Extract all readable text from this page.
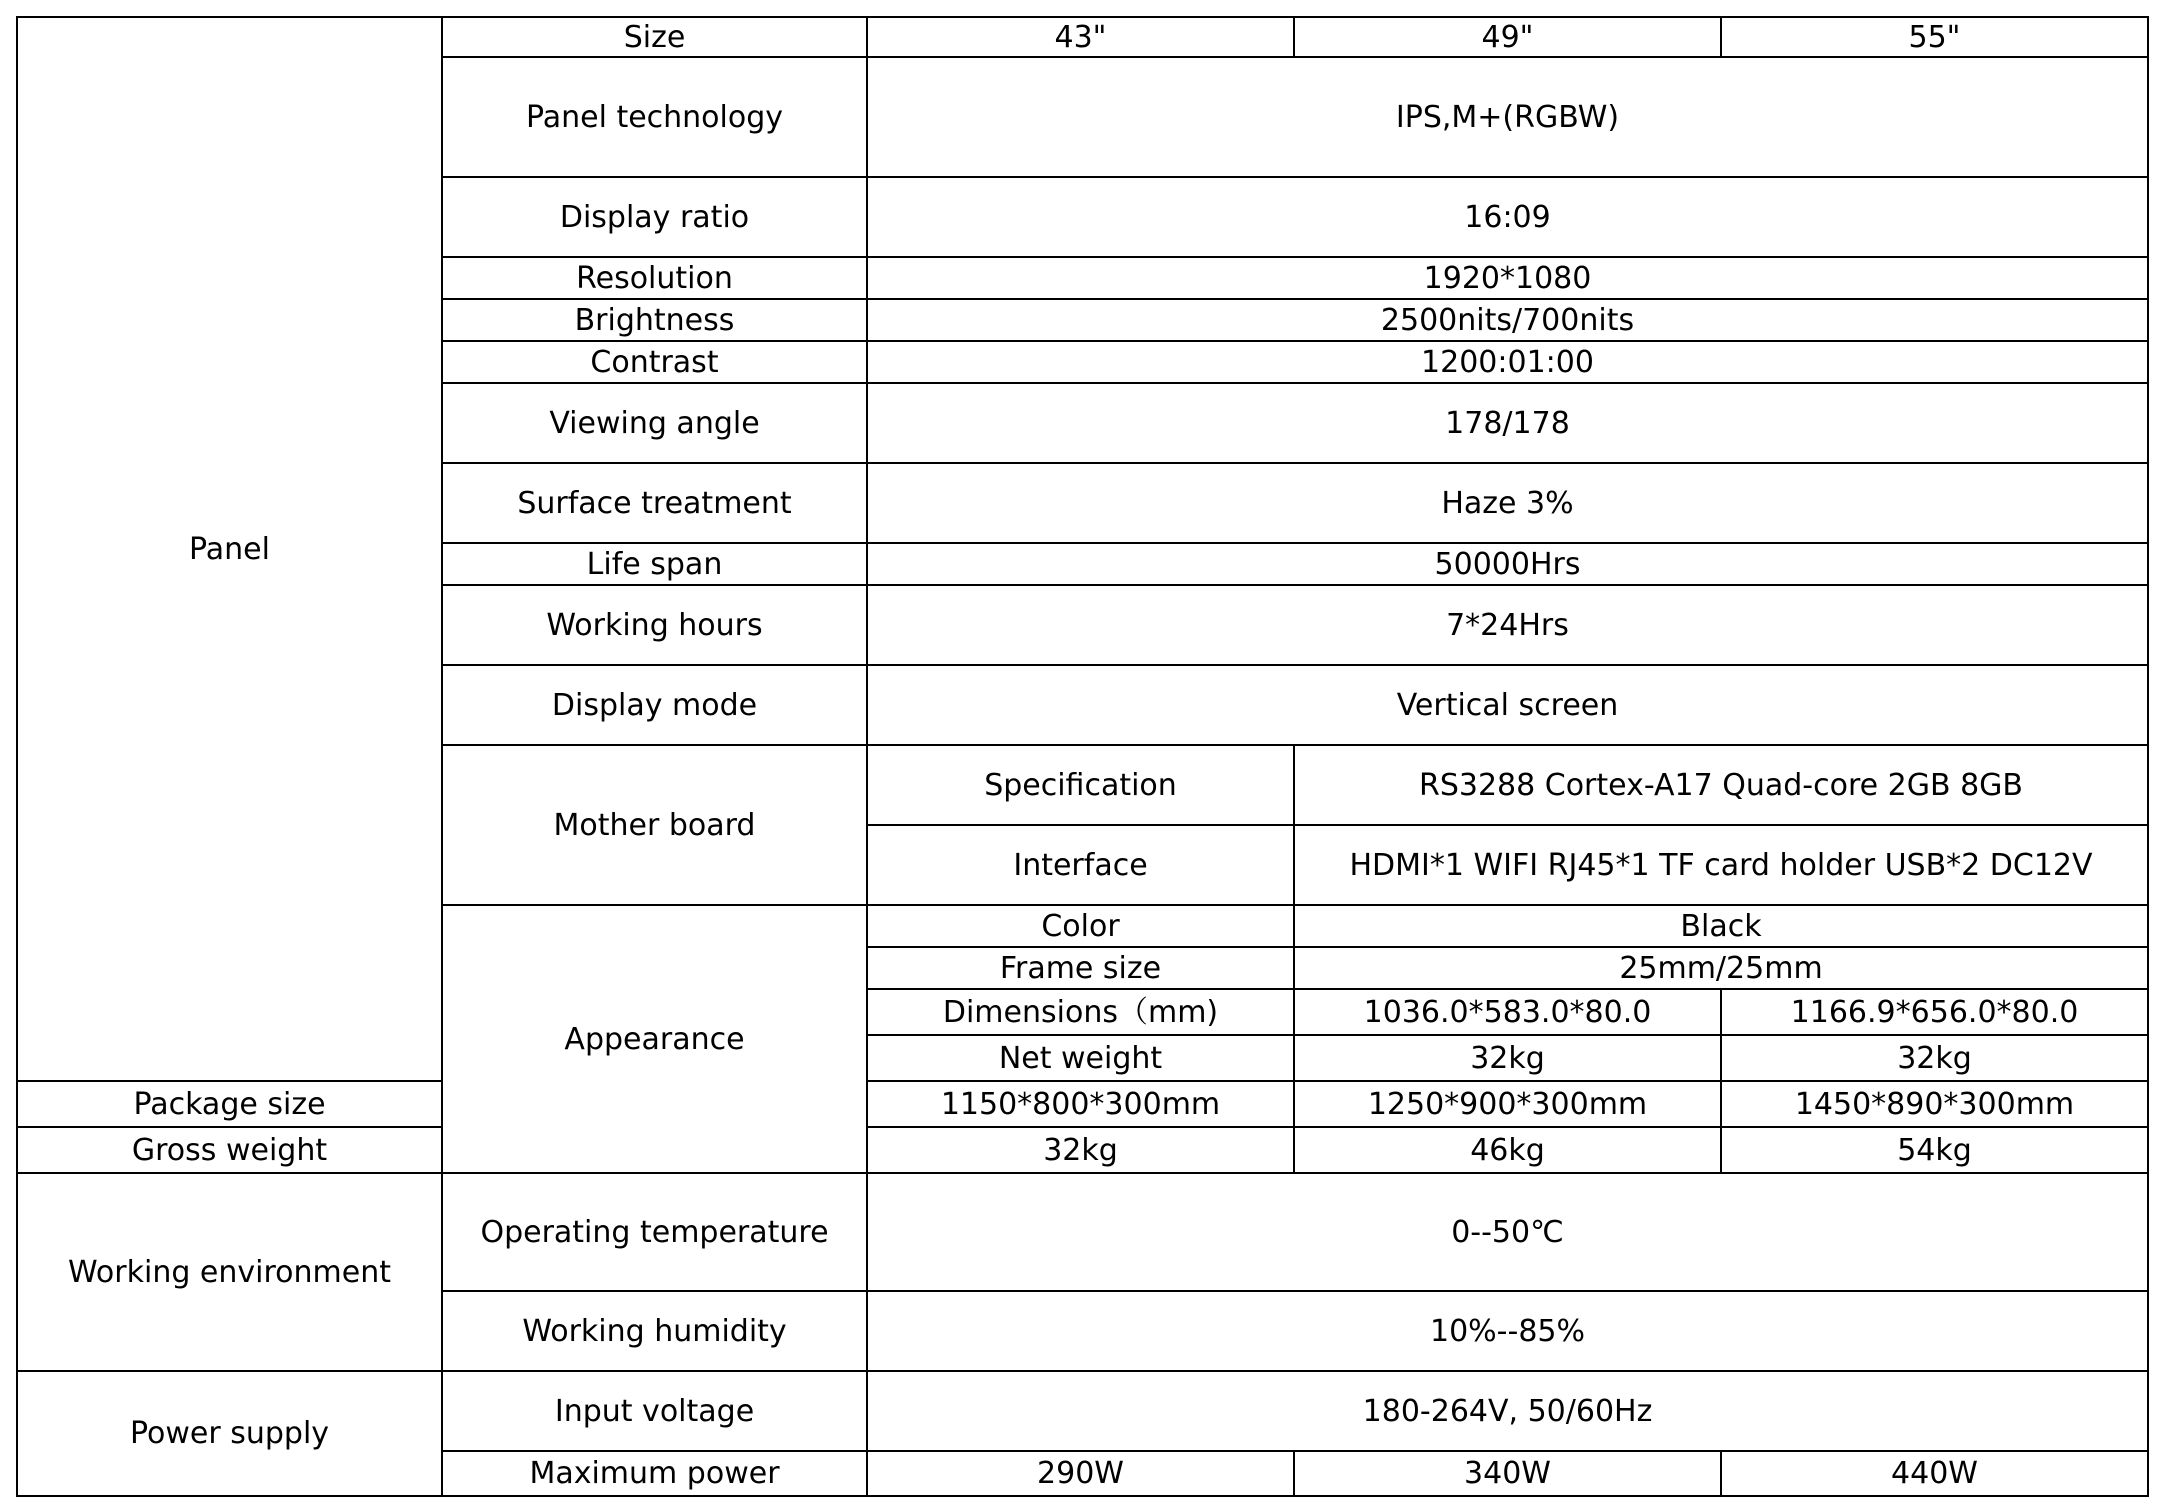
Panel	Size	43"	49"	55"	
	Panel technology	IPS,M+(RGBW)			
	Display ratio	16:09			
	Resolution	1920*1080			
	Brightness	2500nits/700nits			
	Contrast	1200:01:00			
	Viewing angle	178/178			
	Surface treatment	Haze 3%			
	Life span	50000Hrs			
	Working hours	7*24Hrs			
	Display mode	Vertical screen			
	Mother board	Specification	RS3288 Cortex-A17 Quad-core 2GB 8GB		
		Interface	HDMI*1 WIFI RJ45*1 TF card holder USB*2 DC12V		
	Appearance	Color	Black		
		Frame size	25mm/25mm		
		Dimensions（mm)	1036.0*583.0*80.0	1166.9*656.0*80.0	
		Net weight	32kg	32kg	
Package size		1150*800*300mm	1250*900*300mm	1450*890*300mm	
Gross weight		32kg	46kg	54kg	
Working environment	Operating temperature	0--50℃			
	Working humidity	10%--85%			
Power supply	Input voltage	180-264V, 50/60Hz			
	Maximum power	290W	340W	440W	
